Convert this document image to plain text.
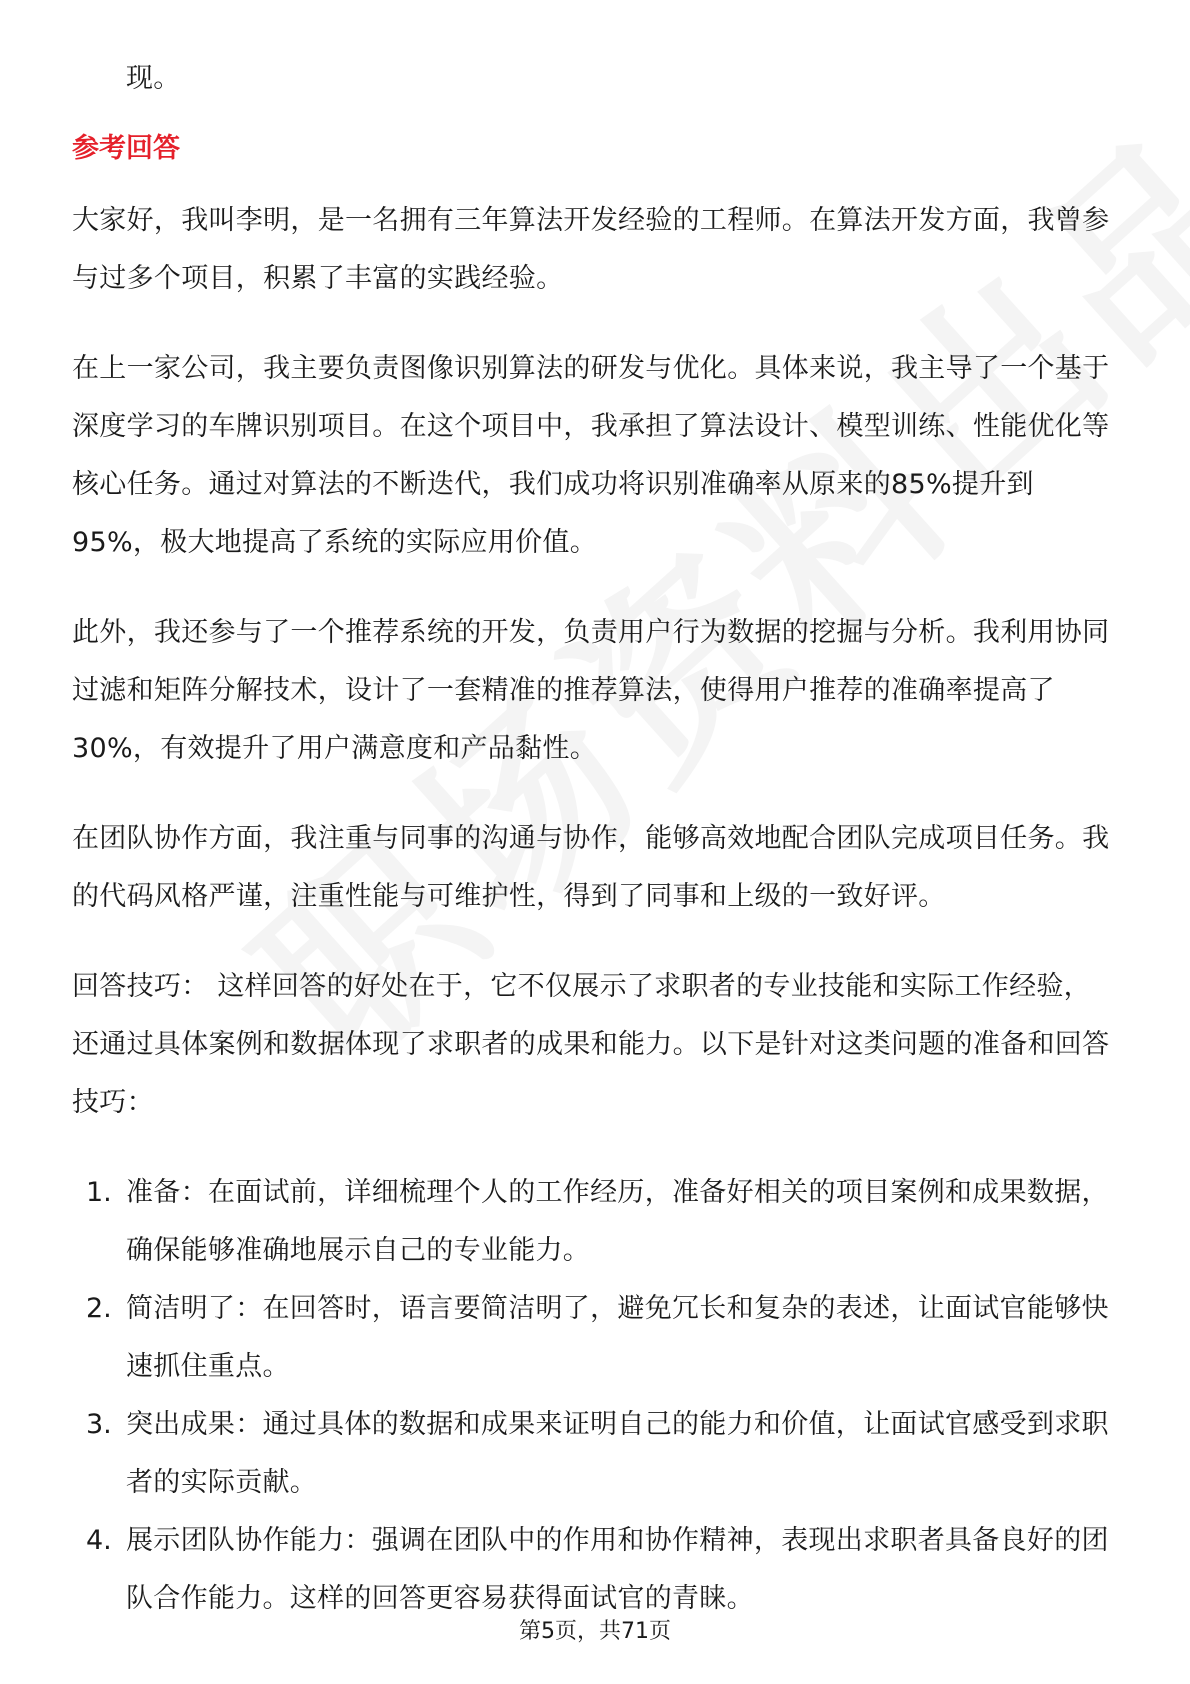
现。

参考回答

大家好，我叫李明，是一名拥有三年算法开发经验的工程师。在算法开发方面，我曾参与过多个项目，积累了丰富的实践经验。

在上一家公司，我主要负责图像识别算法的研发与优化。具体来说，我主导了一个基于深度学习的车牌识别项目。在这个项目中，我承担了算法设计、模型训练、性能优化等核心任务。通过对算法的不断迭代，我们成功将识别准确率从原来的85%提升到95%，极大地提高了系统的实际应用价值。

此外，我还参与了一个推荐系统的开发，负责用户行为数据的挖掘与分析。我利用协同过滤和矩阵分解技术，设计了一套精准的推荐算法，使得用户推荐的准确率提高了30%，有效提升了用户满意度和产品黏性。

在团队协作方面，我注重与同事的沟通与协作，能够高效地配合团队完成项目任务。我的代码风格严谨，注重性能与可维护性，得到了同事和上级的一致好评。

回答技巧： 这样回答的好处在于，它不仅展示了求职者的专业技能和实际工作经验，还通过具体案例和数据体现了求职者的成果和能力。以下是针对这类问题的准备和回答技巧：

1. 准备：在面试前，详细梳理个人的工作经历，准备好相关的项目案例和成果数据，确保能够准确地展示自己的专业能力。

2. 简洁明了：在回答时，语言要简洁明了，避免冗长和复杂的表述，让面试官能够快速抓住重点。

3. 突出成果：通过具体的数据和成果来证明自己的能力和价值，让面试官感受到求职者的实际贡献。

4. 展示团队协作能力：强调在团队中的作用和协作精神，表现出求职者具备良好的团队合作能力。这样的回答更容易获得面试官的青睐。

第5页，共71页
